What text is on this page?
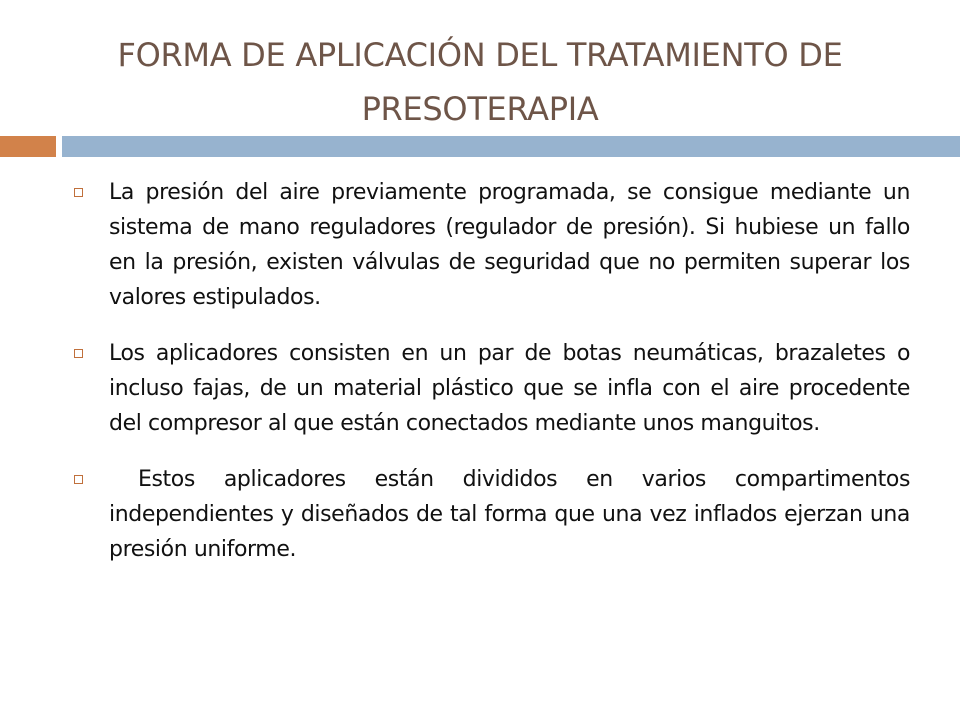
FORMA DE APLICACIÓN DEL TRATAMIENTO DE PRESOTERAPIA
La presión del aire previamente programada, se consigue mediante un sistema de mano reguladores (regulador de presión). Si hubiese un fallo en la presión, existen válvulas de seguridad que no permiten superar los valores estipulados.
Los aplicadores consisten en un par de botas neumáticas, brazaletes o incluso fajas, de un material plástico que se infla con el aire procedente del compresor al que están conectados mediante unos manguitos.
Estos aplicadores están divididos en varios compartimentos independientes y diseñados de tal forma que una vez inflados ejerzan una presión uniforme.
